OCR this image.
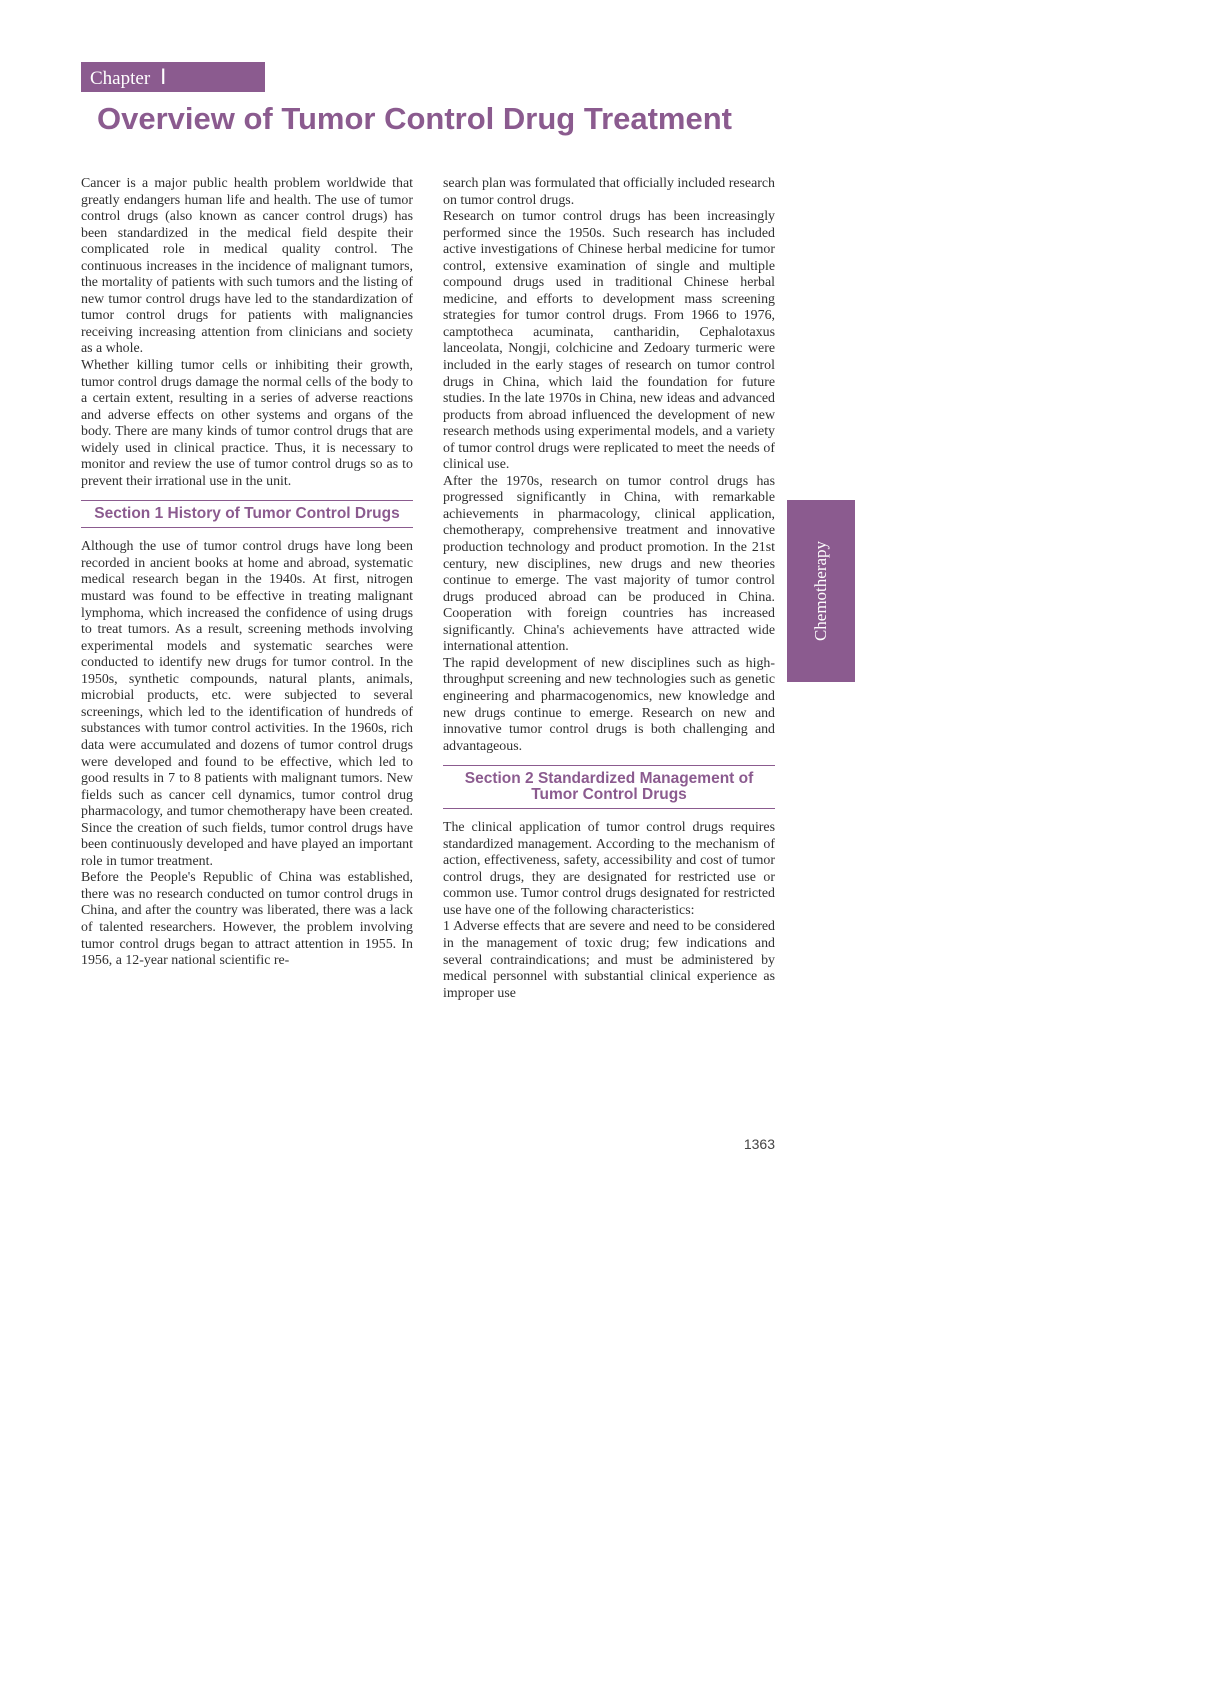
Chapter Ⅰ
Overview of Tumor Control Drug Treatment

Cancer is a major public health problem worldwide that greatly endangers human life and health. The use of tumor control drugs (also known as cancer control drugs) has been standardized in the medical field despite their complicated role in medical quality control. The continuous increases in the incidence of malignant tumors, the mortality of patients with such tumors and the listing of new tumor control drugs have led to the standardization of tumor control drugs for patients with malignancies receiving increasing attention from clinicians and society as a whole.

Whether killing tumor cells or inhibiting their growth, tumor control drugs damage the normal cells of the body to a certain extent, resulting in a series of adverse reactions and adverse effects on other systems and organs of the body. There are many kinds of tumor control drugs that are widely used in clinical practice. Thus, it is necessary to monitor and review the use of tumor control drugs so as to prevent their irrational use in the unit.

Section 1 History of Tumor Control Drugs

Although the use of tumor control drugs have long been recorded in ancient books at home and abroad, systematic medical research began in the 1940s. At first, nitrogen mustard was found to be effective in treating malignant lymphoma, which increased the confidence of using drugs to treat tumors. As a result, screening methods involving experimental models and systematic searches were conducted to identify new drugs for tumor control. In the 1950s, synthetic compounds, natural plants, animals, microbial products, etc. were subjected to several screenings, which led to the identification of hundreds of substances with tumor control activities. In the 1960s, rich data were accumulated and dozens of tumor control drugs were developed and found to be effective, which led to good results in 7 to 8 patients with malignant tumors. New fields such as cancer cell dynamics, tumor control drug pharmacology, and tumor chemotherapy have been created. Since the creation of such fields, tumor control drugs have been continuously developed and have played an important role in tumor treatment.

Before the People's Republic of China was established, there was no research conducted on tumor control drugs in China, and after the country was liberated, there was a lack of talented researchers. However, the problem involving tumor control drugs began to attract attention in 1955. In 1956, a 12-year national scientific re-

search plan was formulated that officially included research on tumor control drugs.

Research on tumor control drugs has been increasingly performed since the 1950s. Such research has included active investigations of Chinese herbal medicine for tumor control, extensive examination of single and multiple compound drugs used in traditional Chinese herbal medicine, and efforts to development mass screening strategies for tumor control drugs. From 1966 to 1976, camptotheca acuminata, cantharidin, Cephalotaxus lanceolata, Nongji, colchicine and Zedoary turmeric were included in the early stages of research on tumor control drugs in China, which laid the foundation for future studies. In the late 1970s in China, new ideas and advanced products from abroad influenced the development of new research methods using experimental models, and a variety of tumor control drugs were replicated to meet the needs of clinical use.

After the 1970s, research on tumor control drugs has progressed significantly in China, with remarkable achievements in pharmacology, clinical application, chemotherapy, comprehensive treatment and innovative production technology and product promotion. In the 21st century, new disciplines, new drugs and new theories continue to emerge. The vast majority of tumor control drugs produced abroad can be produced in China. Cooperation with foreign countries has increased significantly. China's achievements have attracted wide international attention.

The rapid development of new disciplines such as high-throughput screening and new technologies such as genetic engineering and pharmacogenomics, new knowledge and new drugs continue to emerge. Research on new and innovative tumor control drugs is both challenging and advantageous.

Section 2 Standardized Management of
Tumor Control Drugs

The clinical application of tumor control drugs requires standardized management. According to the mechanism of action, effectiveness, safety, accessibility and cost of tumor control drugs, they are designated for restricted use or common use. Tumor control drugs designated for restricted use have one of the following characteristics:

1 Adverse effects that are severe and need to be considered in the management of toxic drug; few indications and several contraindications; and must be administered by medical personnel with substantial clinical experience as improper use

Chemotherapy
1363
